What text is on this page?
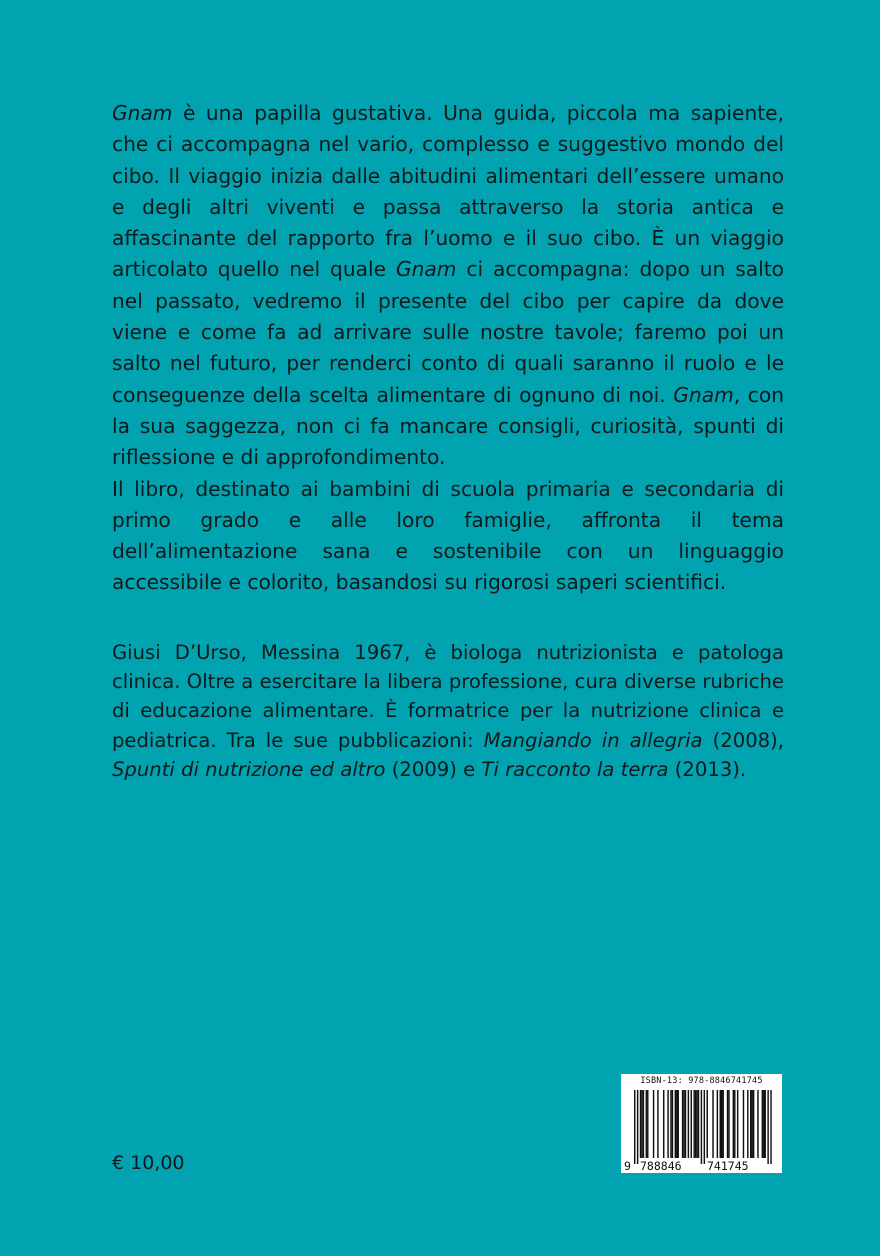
Gnam è una papilla gustativa. Una guida, piccola ma sapiente, che ci accompagna nel vario, complesso e suggestivo mondo del cibo. Il viaggio inizia dalle abitudini alimentari dell’essere umano e degli altri viventi e passa attraverso la storia antica e affascinante del rapporto fra l’uomo e il suo cibo. È un viaggio articolato quello nel quale Gnam ci accompagna: dopo un salto nel passato, vedremo il presente del cibo per capire da dove viene e come fa ad arrivare sulle nostre tavole; faremo poi un salto nel futuro, per renderci conto di quali saranno il ruolo e le conseguenze della scelta alimentare di ognuno di noi. Gnam, con la sua saggezza, non ci fa mancare consigli, curiosità, spunti di riflessione e di approfondimento.

Il libro, destinato ai bambini di scuola primaria e secondaria di primo grado e alle loro famiglie, affronta il tema dell’alimentazione sana e sostenibile con un linguaggio accessibile e colorito, basandosi su rigorosi saperi scientifici.

Giusi D’Urso, Messina 1967, è biologa nutrizionista e patologa clinica. Oltre a esercitare la libera professione, cura diverse rubriche di educazione alimentare. È formatrice per la nutrizione clinica e pediatrica. Tra le sue pubblicazioni: Mangiando in allegria (2008), Spunti di nutrizione ed altro (2009) e Ti racconto la terra (2013).

€ 10,00
ISBN-13: 978-8846741745
9 788846 741745
